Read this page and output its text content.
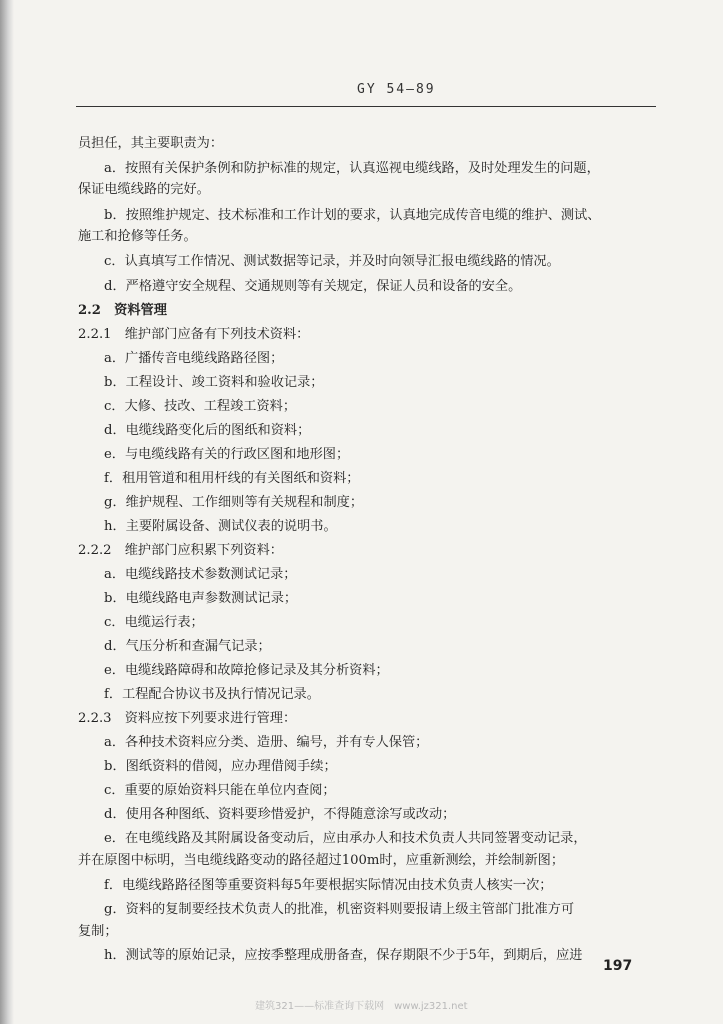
GY 54—89
员担任，其主要职责为：
a．按照有关保护条例和防护标准的规定，认真巡视电缆线路，及时处理发生的问题，
保证电缆线路的完好。
b．按照维护规定、技术标准和工作计划的要求，认真地完成传音电缆的维护、测试、
施工和抢修等任务。
c．认真填写工作情况、测试数据等记录，并及时向领导汇报电缆线路的情况。
d．严格遵守安全规程、交通规则等有关规定，保证人员和设备的安全。
2.2　资料管理
2.2.1　维护部门应备有下列技术资料：
a．广播传音电缆线路路径图；
b．工程设计、竣工资料和验收记录；
c．大修、技改、工程竣工资料；
d．电缆线路变化后的图纸和资料；
e．与电缆线路有关的行政区图和地形图；
f．租用管道和租用杆线的有关图纸和资料；
g．维护规程、工作细则等有关规程和制度；
h．主要附属设备、测试仪表的说明书。
2.2.2　维护部门应积累下列资料：
a．电缆线路技术参数测试记录；
b．电缆线路电声参数测试记录；
c．电缆运行表；
d．气压分析和查漏气记录；
e．电缆线路障碍和故障抢修记录及其分析资料；
f．工程配合协议书及执行情况记录。
2.2.3　资料应按下列要求进行管理：
a．各种技术资料应分类、造册、编号，并有专人保管；
b．图纸资料的借阅，应办理借阅手续；
c．重要的原始资料只能在单位内查阅；
d．使用各种图纸、资料要珍惜爱护，不得随意涂写或改动；
e．在电缆线路及其附属设备变动后，应由承办人和技术负责人共同签署变动记录，
并在原图中标明，当电缆线路变动的路径超过100m时，应重新测绘，并绘制新图；
f．电缆线路路径图等重要资料每5年要根据实际情况由技术负责人核实一次；
g．资料的复制要经技术负责人的批准，机密资料则要报请上级主管部门批准方可
复制；
h．测试等的原始记录，应按季整理成册备查，保存期限不少于5年，到期后，应进
197
建筑321——标准查询下载网　www.jz321.net
